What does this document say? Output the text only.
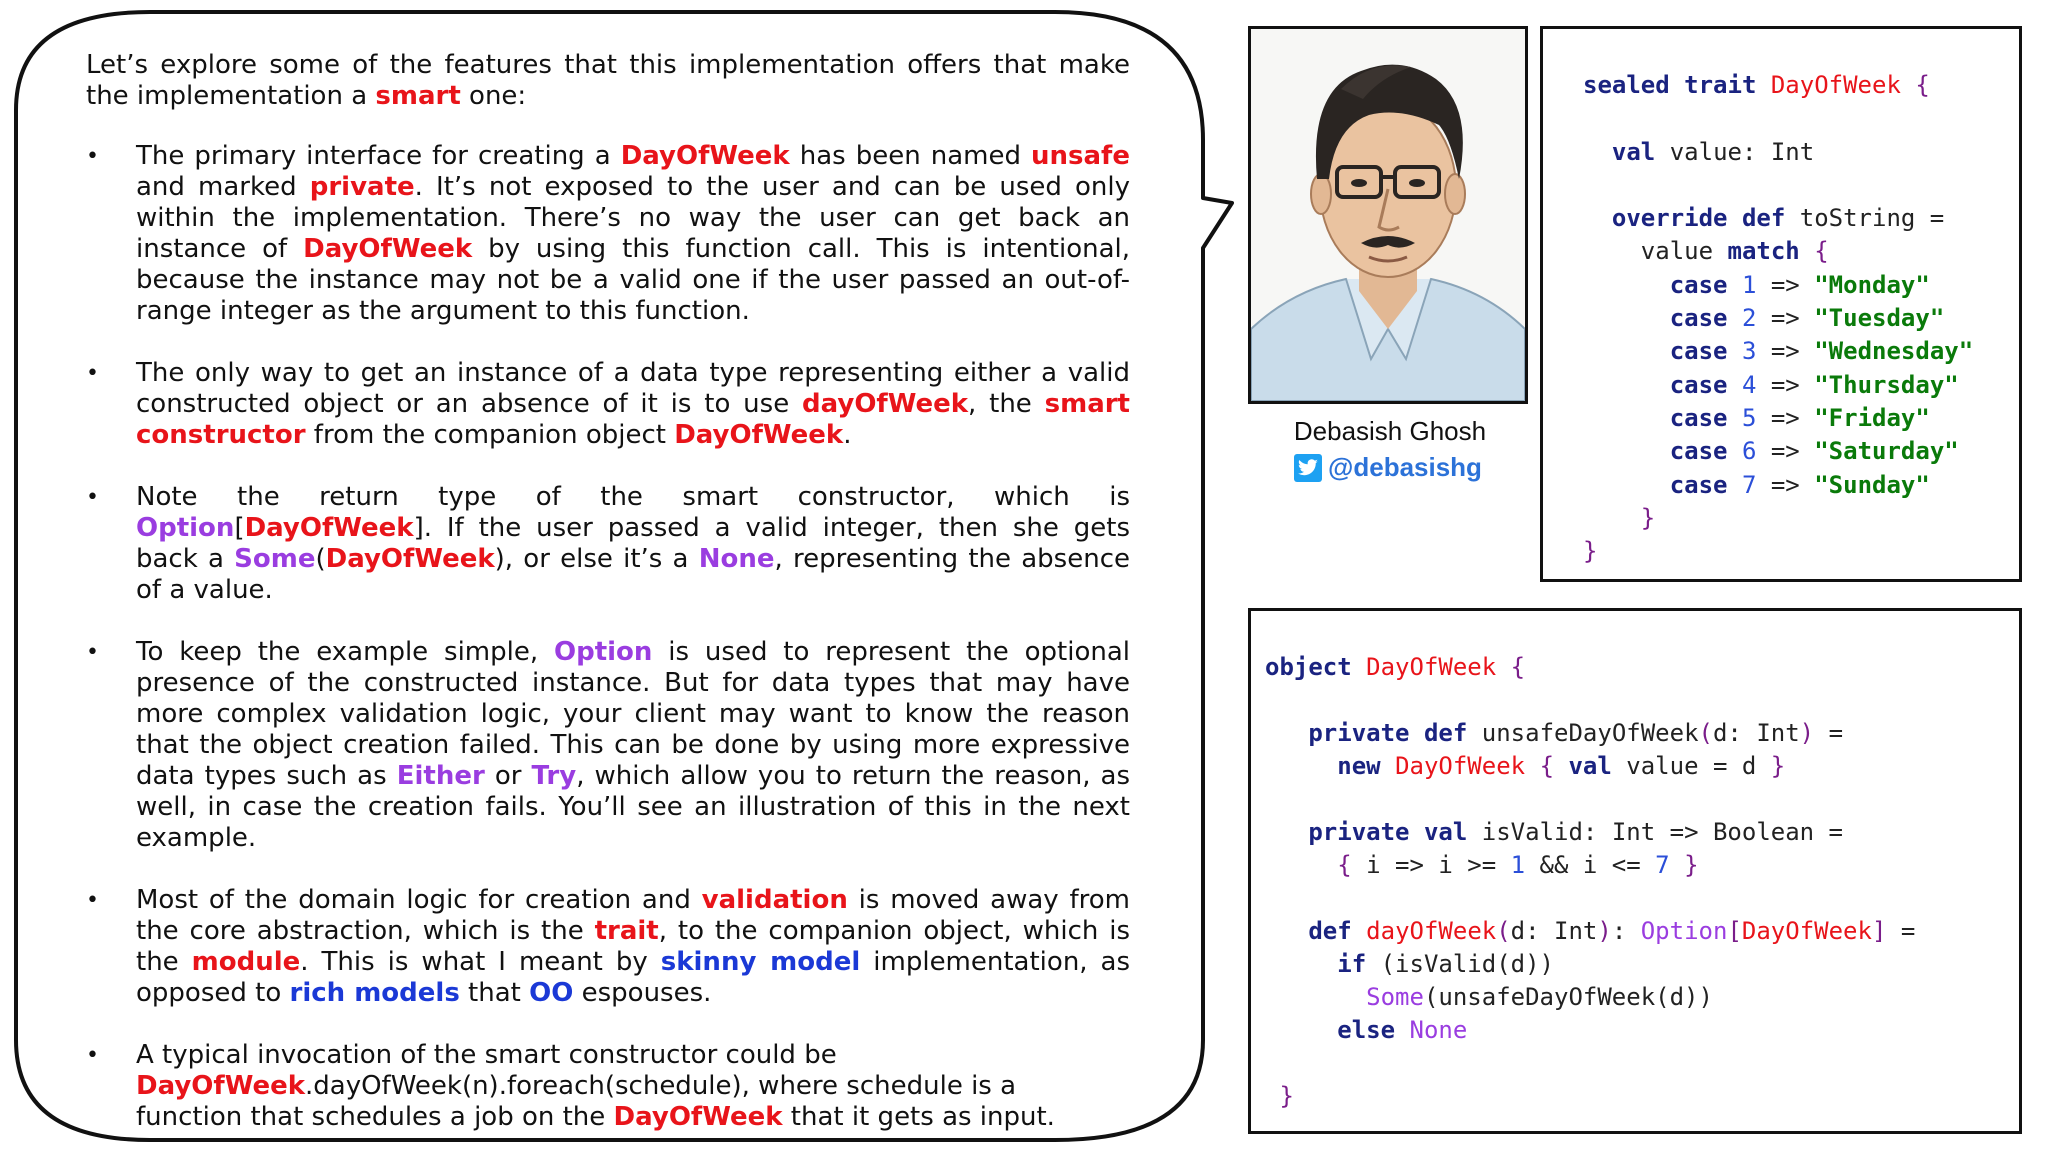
Let’s explore some of the features that this implementation offers that make the implementation a smart one:

• The primary interface for creating a DayOfWeek has been named unsafe and marked private. It’s not exposed to the user and can be used only within the implementation. There’s no way the user can get back an instance of DayOfWeek by using this function call. This is intentional, because the instance may not be a valid one if the user passed an out-of-range integer as the argument to this function.
• The only way to get an instance of a data type representing either a valid constructed object or an absence of it is to use dayOfWeek, the smart constructor from the companion object DayOfWeek.
• Note the return type of the smart constructor, which is Option[DayOfWeek]. If the user passed a valid integer, then she gets back a Some(DayOfWeek), or else it’s a None, representing the absence of a value.
• To keep the example simple, Option is used to represent the optional presence of the constructed instance. But for data types that may have more complex validation logic, your client may want to know the reason that the object creation failed. This can be done by using more expressive data types such as Either or Try, which allow you to return the reason, as well, in case the creation fails. You’ll see an illustration of this in the next example.
• Most of the domain logic for creation and validation is moved away from the core abstraction, which is the trait, to the companion object, which is the module. This is what I meant by skinny model implementation, as opposed to rich models that OO espouses.
• A typical invocation of the smart constructor could be DayOfWeek.dayOfWeek(n).foreach(schedule), where schedule is a function that schedules a job on the DayOfWeek that it gets as input.
Debasish Ghosh
@debasishg
sealed trait DayOfWeek {

val value: Int

override def toString =
value match {
case 1 => "Monday"
case 2 => "Tuesday"
case 3 => "Wednesday"
case 4 => "Thursday"
case 5 => "Friday"
case 6 => "Saturday"
case 7 => "Sunday"
}
}
object DayOfWeek {

private def unsafeDayOfWeek(d: Int) =
new DayOfWeek { val value = d }

private val isValid: Int => Boolean =
{ i => i >= 1 && i <= 7 }

def dayOfWeek(d: Int): Option[DayOfWeek] =
if (isValid(d))
Some(unsafeDayOfWeek(d))
else None

}
